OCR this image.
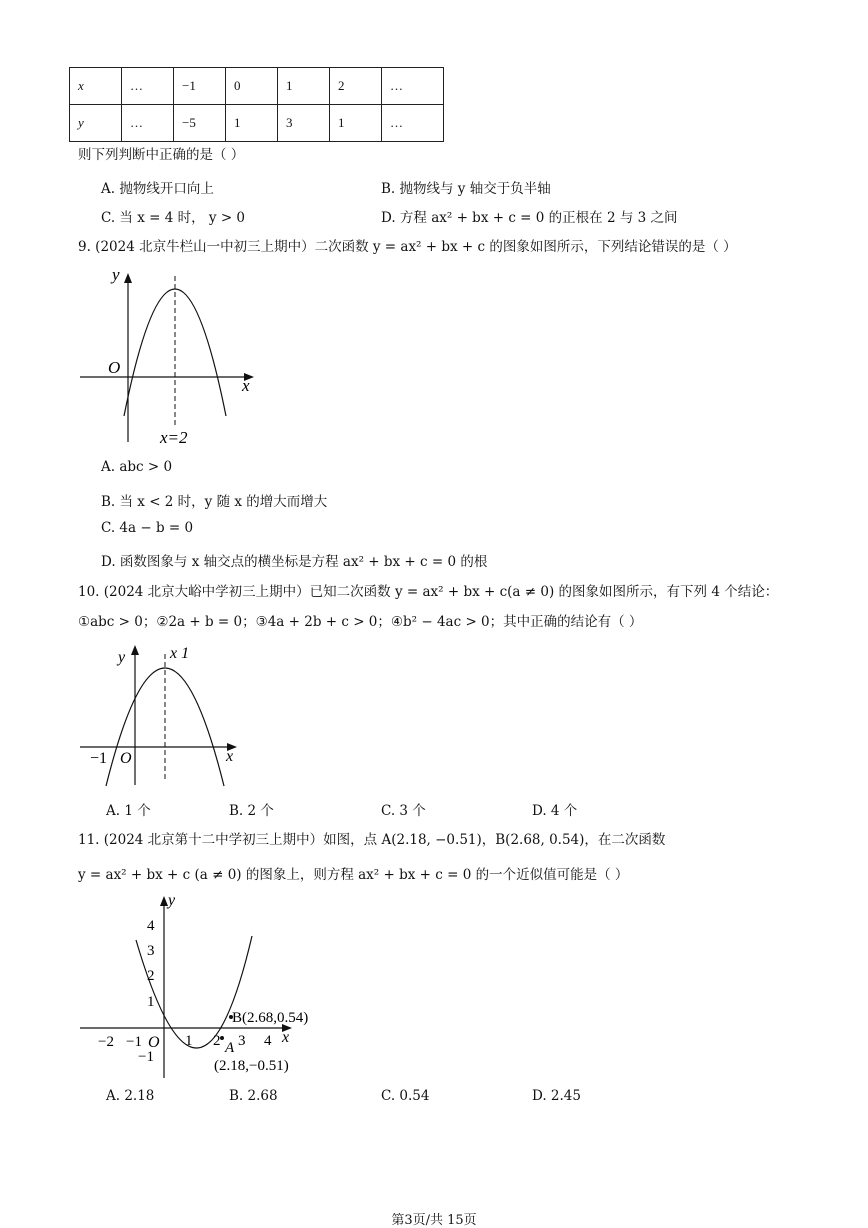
x	…	−1	0	1	2	…
y	…	−5	1	3	1	…
则下列判断中正确的是（ ）
A. 抛物线开口向上	B. 抛物线与 y 轴交于负半轴
C. 当 x = 4 时， y > 0	D. 方程 ax² + bx + c = 0 的正根在 2 与 3 之间
9. (2024 北京牛栏山一中初三上期中）二次函数 y = ax² + bx + c 的图象如图所示，下列结论错误的是（ ）
y
x
O
x=2
A. abc > 0
B. 当 x < 2 时，y 随 x 的增大而增大
C. 4a − b = 0
D. 函数图象与 x 轴交点的横坐标是方程 ax² + bx + c = 0 的根
10. (2024 北京大峪中学初三上期中）已知二次函数 y = ax² + bx + c(a ≠ 0) 的图象如图所示，有下列 4 个结论：
①abc > 0；②2a + b = 0；③4a + 2b + c > 0；④b² − 4ac > 0；其中正确的结论有（ ）
y	x 1
x
−1 O
A. 1 个	B. 2 个	C. 3 个	D. 4 个
11. (2024 北京第十二中学初三上期中）如图，点 A(2.18, −0.51)，B(2.68, 0.54)，在二次函数
y = ax² + bx + c (a ≠ 0) 的图象上，则方程 ax² + bx + c = 0 的一个近似值可能是（ ）
−2 −1	1 2 3 4
4
3
2
1
−1
y
x
O
B(2.68,0.54)
A
(2.18,−0.51)
A. 2.18	B. 2.68	C. 0.54	D. 2.45
第3页/共 15页
